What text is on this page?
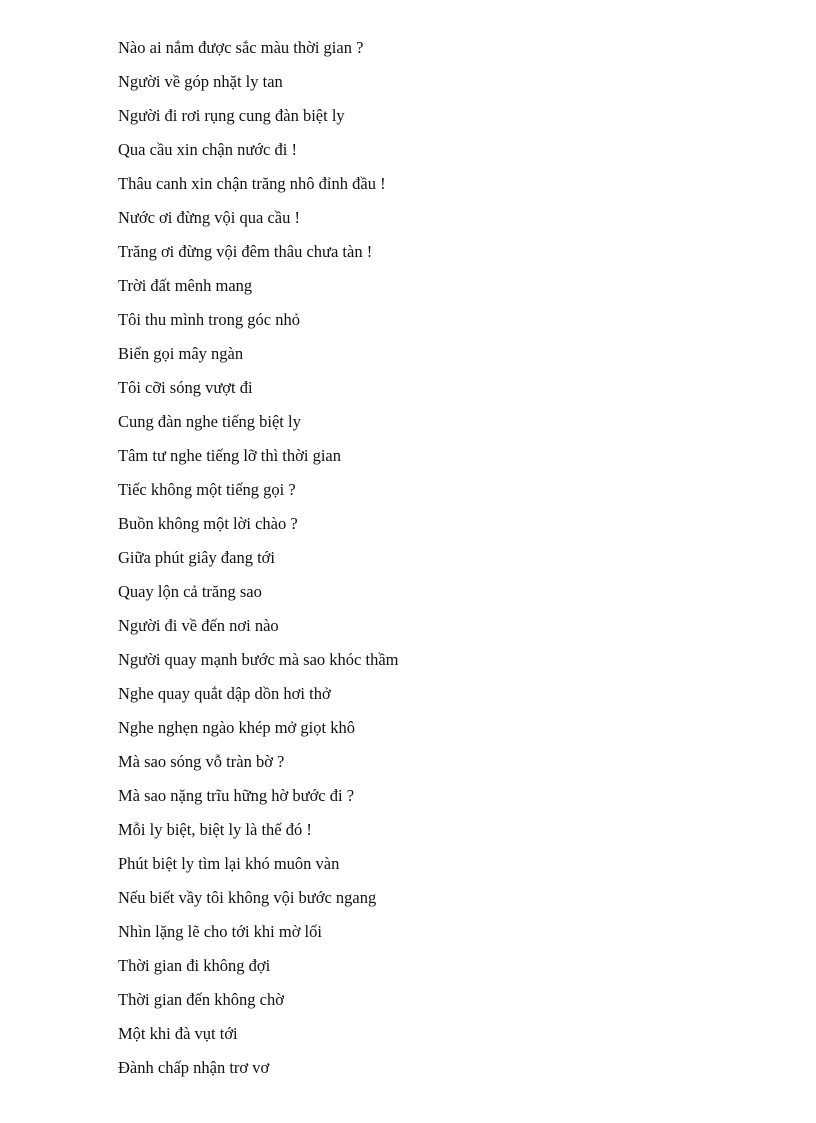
Nào ai nắm được sắc màu thời gian ?
Người về góp nhặt ly tan
Người đi rơi rụng cung đàn biệt ly
Qua cầu xin chận nước đi !
Thâu canh xin chận trăng nhô đỉnh đầu !
Nước ơi đừng vội qua cầu !
Trăng ơi đừng vội đêm thâu chưa tàn !
Trời đất mênh mang
Tôi thu mình trong góc nhỏ
Biển gọi mây ngàn
Tôi cỡi sóng vượt đi
Cung đàn nghe tiếng biệt ly
Tâm tư nghe tiếng lỡ thì thời gian
Tiếc không một tiếng gọi ?
Buồn không một lời chào ?
Giữa phút giây đang tới
Quay lộn cả trăng sao
Người đi về đến nơi nào
Người quay mạnh bước mà sao khóc thầm
Nghe quay quắt dập dồn hơi thở
Nghe nghẹn ngào khép mở giọt khô
Mà sao sóng vỗ tràn bờ ?
Mà sao nặng trĩu hững hờ bước đi ?
Mỗi ly biệt, biệt ly là thế đó !
Phút biệt ly tìm lại khó muôn vàn
Nếu biết vầy tôi không vội bước ngang
Nhìn lặng lẽ cho tới khi mờ lối
Thời gian đi không đợi
Thời gian đến không chờ
Một khi đà vụt tới
Đành chấp nhận trơ vơ
